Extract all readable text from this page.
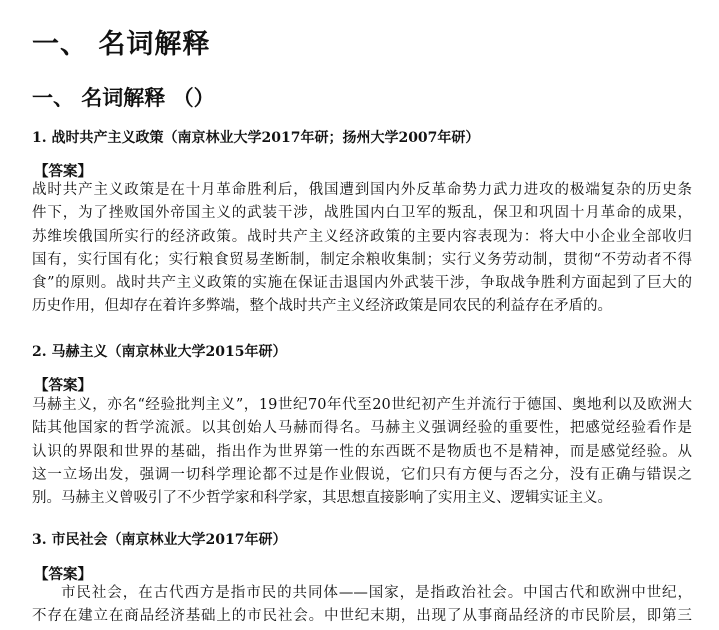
一、 名词解释
一、 名词解释 （）

1. 战时共产主义政策（南京林业大学2017年研；扬州大学2007年研）

【答案】

战时共产主义政策是在十月革命胜利后，俄国遭到国内外反革命势力武力进攻的极端复杂的历史条
件下，为了挫败国外帝国主义的武装干涉，战胜国内白卫军的叛乱，保卫和巩固十月革命的成果，
苏维埃俄国所实行的经济政策。战时共产主义经济政策的主要内容表现为：将大中小企业全部收归
国有，实行国有化；实行粮食贸易垄断制，制定余粮收集制；实行义务劳动制，贯彻“不劳动者不得
食”的原则。战时共产主义政策的实施在保证击退国内外武装干涉，争取战争胜利方面起到了巨大的
历史作用，但却存在着许多弊端，整个战时共产主义经济政策是同农民的利益存在矛盾的。

2. 马赫主义（南京林业大学2015年研）

【答案】

马赫主义，亦名“经验批判主义”，19世纪70年代至20世纪初产生并流行于德国、奥地利以及欧洲大
陆其他国家的哲学流派。以其创始人马赫而得名。马赫主义强调经验的重要性，把感觉经验看作是
认识的界限和世界的基础，指出作为世界第一性的东西既不是物质也不是精神，而是感觉经验。从
这一立场出发，强调一切科学理论都不过是作业假说，它们只有方便与否之分，没有正确与错误之
别。马赫主义曾吸引了不少哲学家和科学家，其思想直接影响了实用主义、逻辑实证主义。

3. 市民社会（南京林业大学2017年研）

【答案】

市民社会，在古代西方是指市民的共同体——国家，是指政治社会。中国古代和欧洲中世纪，
不存在建立在商品经济基础上的市民社会。中世纪末期，出现了从事商品经济的市民阶层，即第三
